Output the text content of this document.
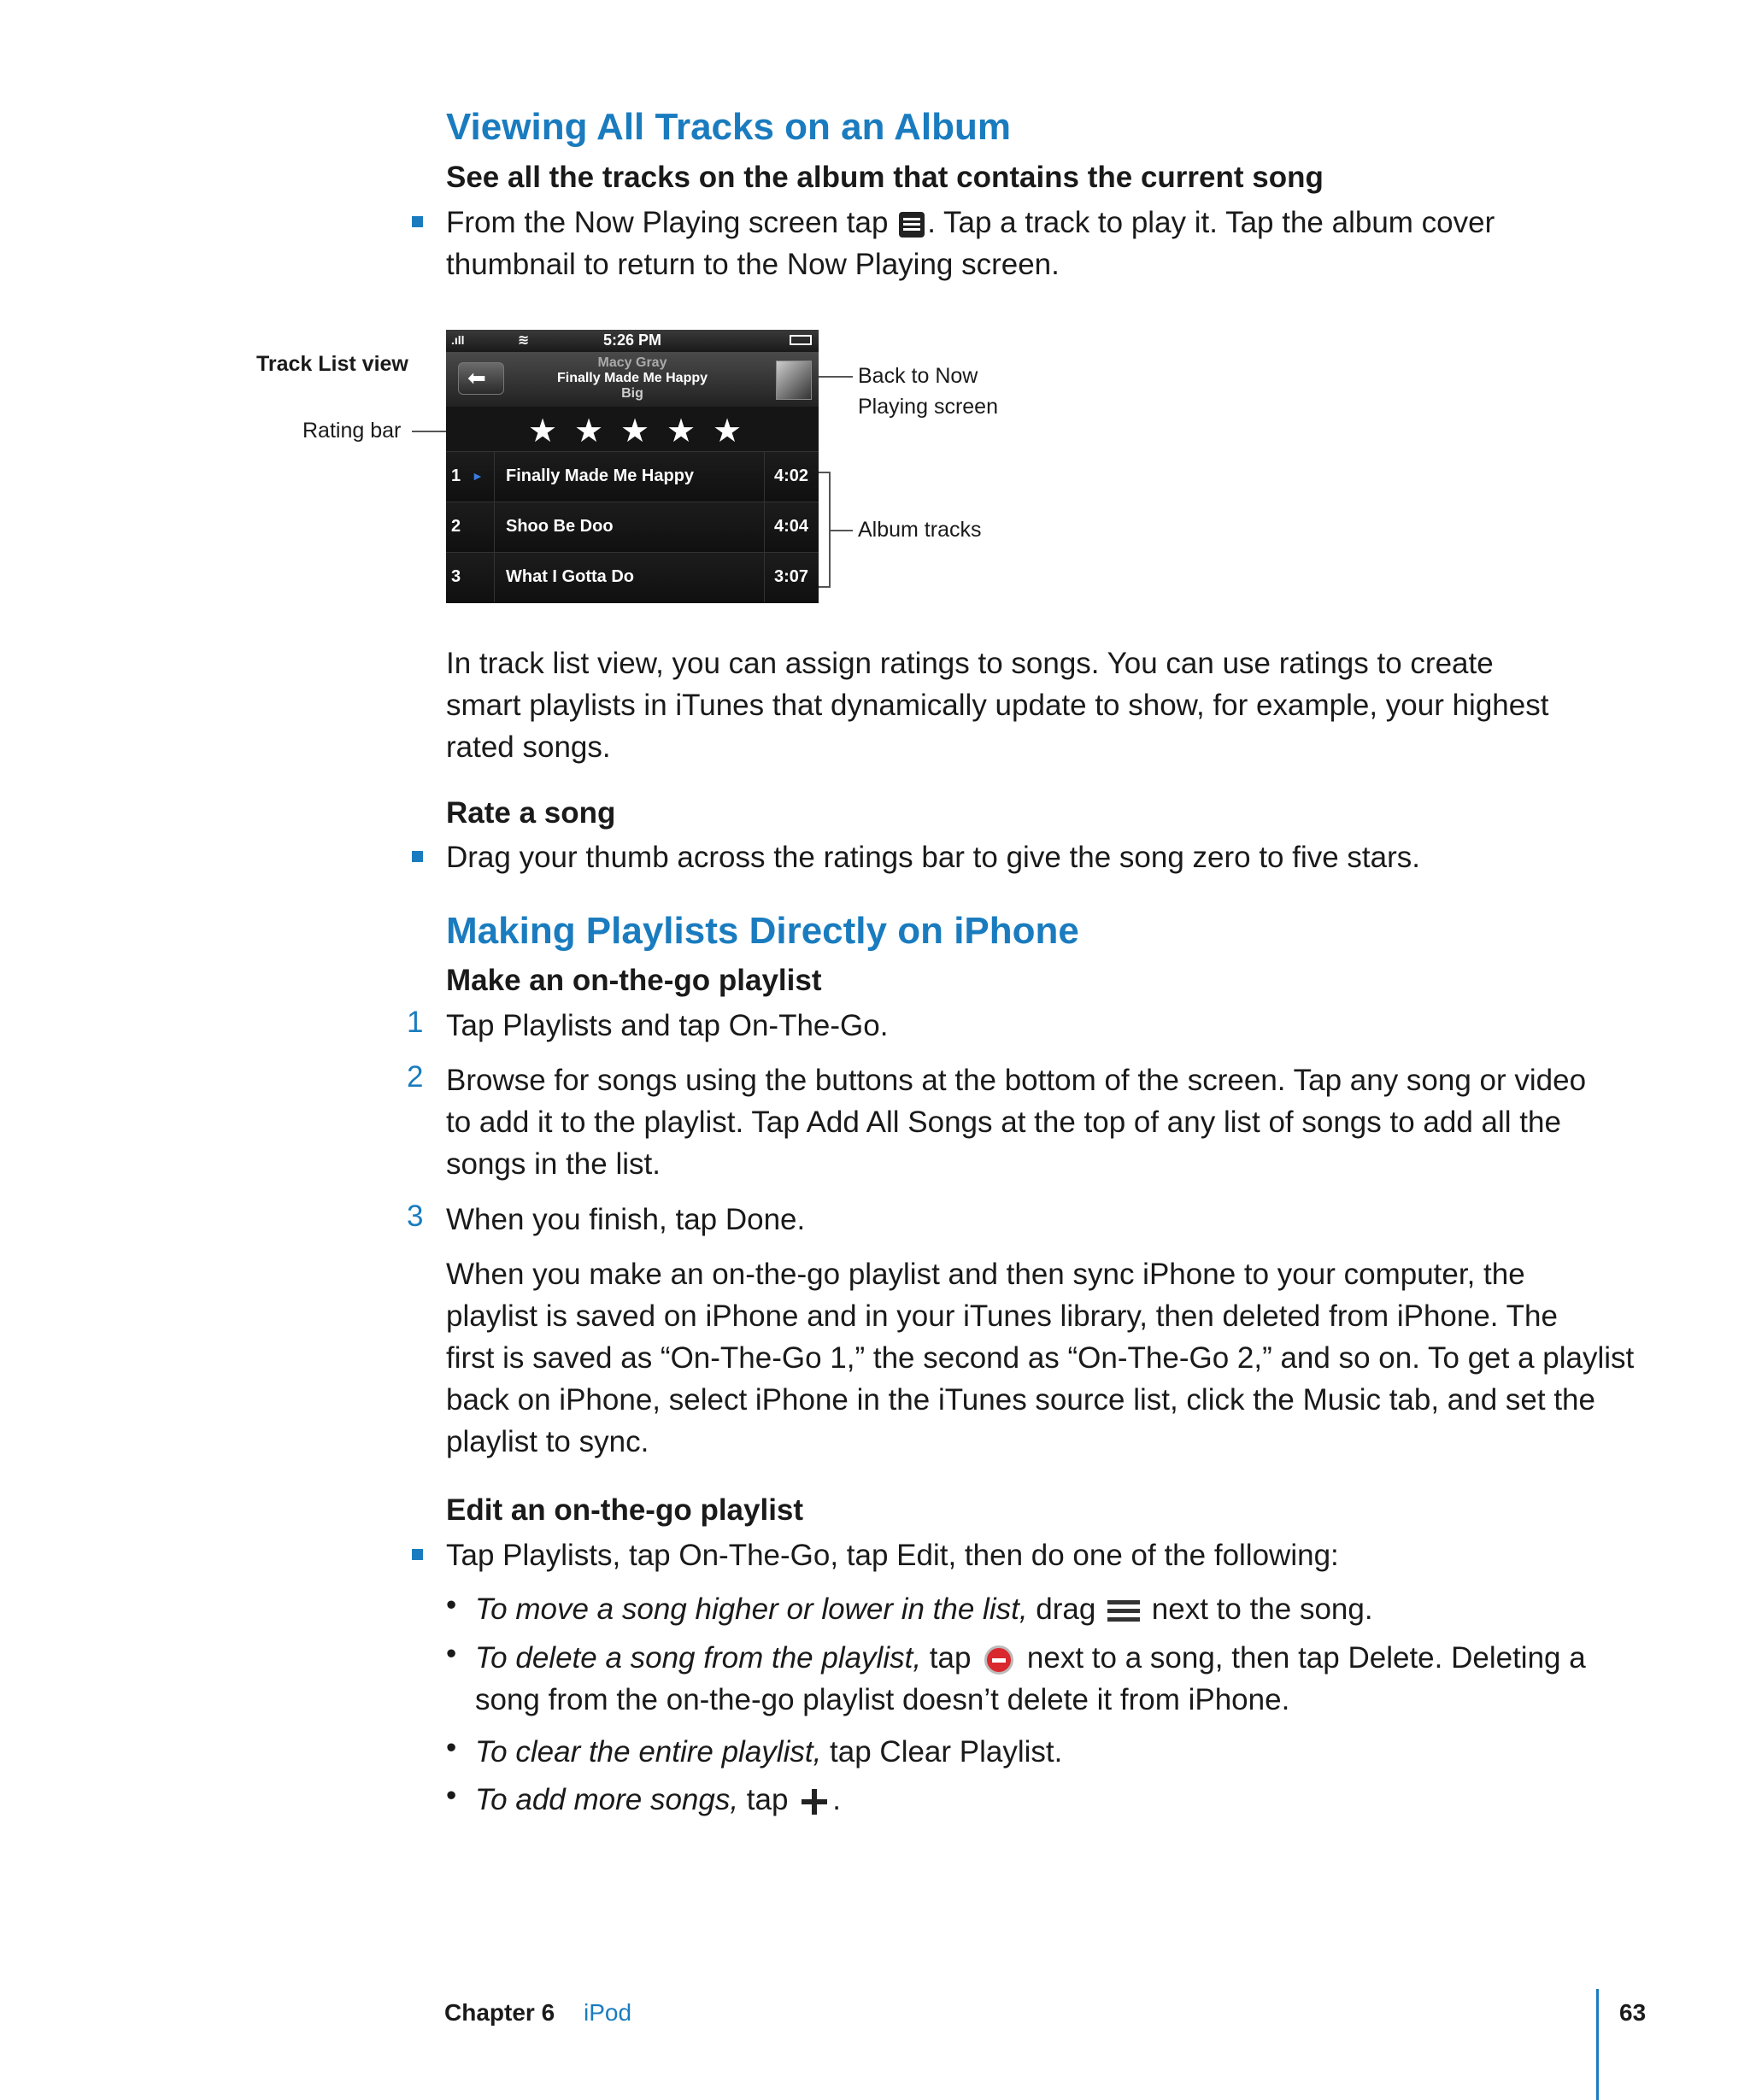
Viewing All Tracks on an Album
See all the tracks on the album that contains the current song
From the Now Playing screen tap . Tap a track to play it. Tap the album cover
thumbnail to return to the Now Playing screen.
Track List view
Rating bar
Back to Now
Playing screen
Album tracks
.ıll	≋	5:26 PM
⬅
Macy Gray
Finally Made Me Happy
Big
★ ★ ★ ★ ★
1 ► Finally Made Me Happy	4:02
2	Shoo Be Doo	4:04
3	What I Gotta Do	3:07
In track list view, you can assign ratings to songs. You can use ratings to create
smart playlists in iTunes that dynamically update to show, for example, your highest
rated songs.
Rate a song
Drag your thumb across the ratings bar to give the song zero to five stars.
Making Playlists Directly on iPhone
Make an on-the-go playlist
1 Tap Playlists and tap On-The-Go.
2 Browse for songs using the buttons at the bottom of the screen. Tap any song or video
to add it to the playlist. Tap Add All Songs at the top of any list of songs to add all the
songs in the list.
3 When you finish, tap Done.
When you make an on-the-go playlist and then sync iPhone to your computer, the
playlist is saved on iPhone and in your iTunes library, then deleted from iPhone. The
first is saved as “On-The-Go 1,” the second as “On-The-Go 2,” and so on. To get a playlist
back on iPhone, select iPhone in the iTunes source list, click the Music tab, and set the
playlist to sync.
Edit an on-the-go playlist
Tap Playlists, tap On-The-Go, tap Edit, then do one of the following:
• To move a song higher or lower in the list, drag
next to the song.
• To delete a song from the playlist, tap
next to a song, then tap Delete. Deleting a
song from the on-the-go playlist doesn’t delete it from iPhone.
• To clear the entire playlist, tap Clear Playlist.
• To add more songs, tap .
Chapter 6 iPod	63
